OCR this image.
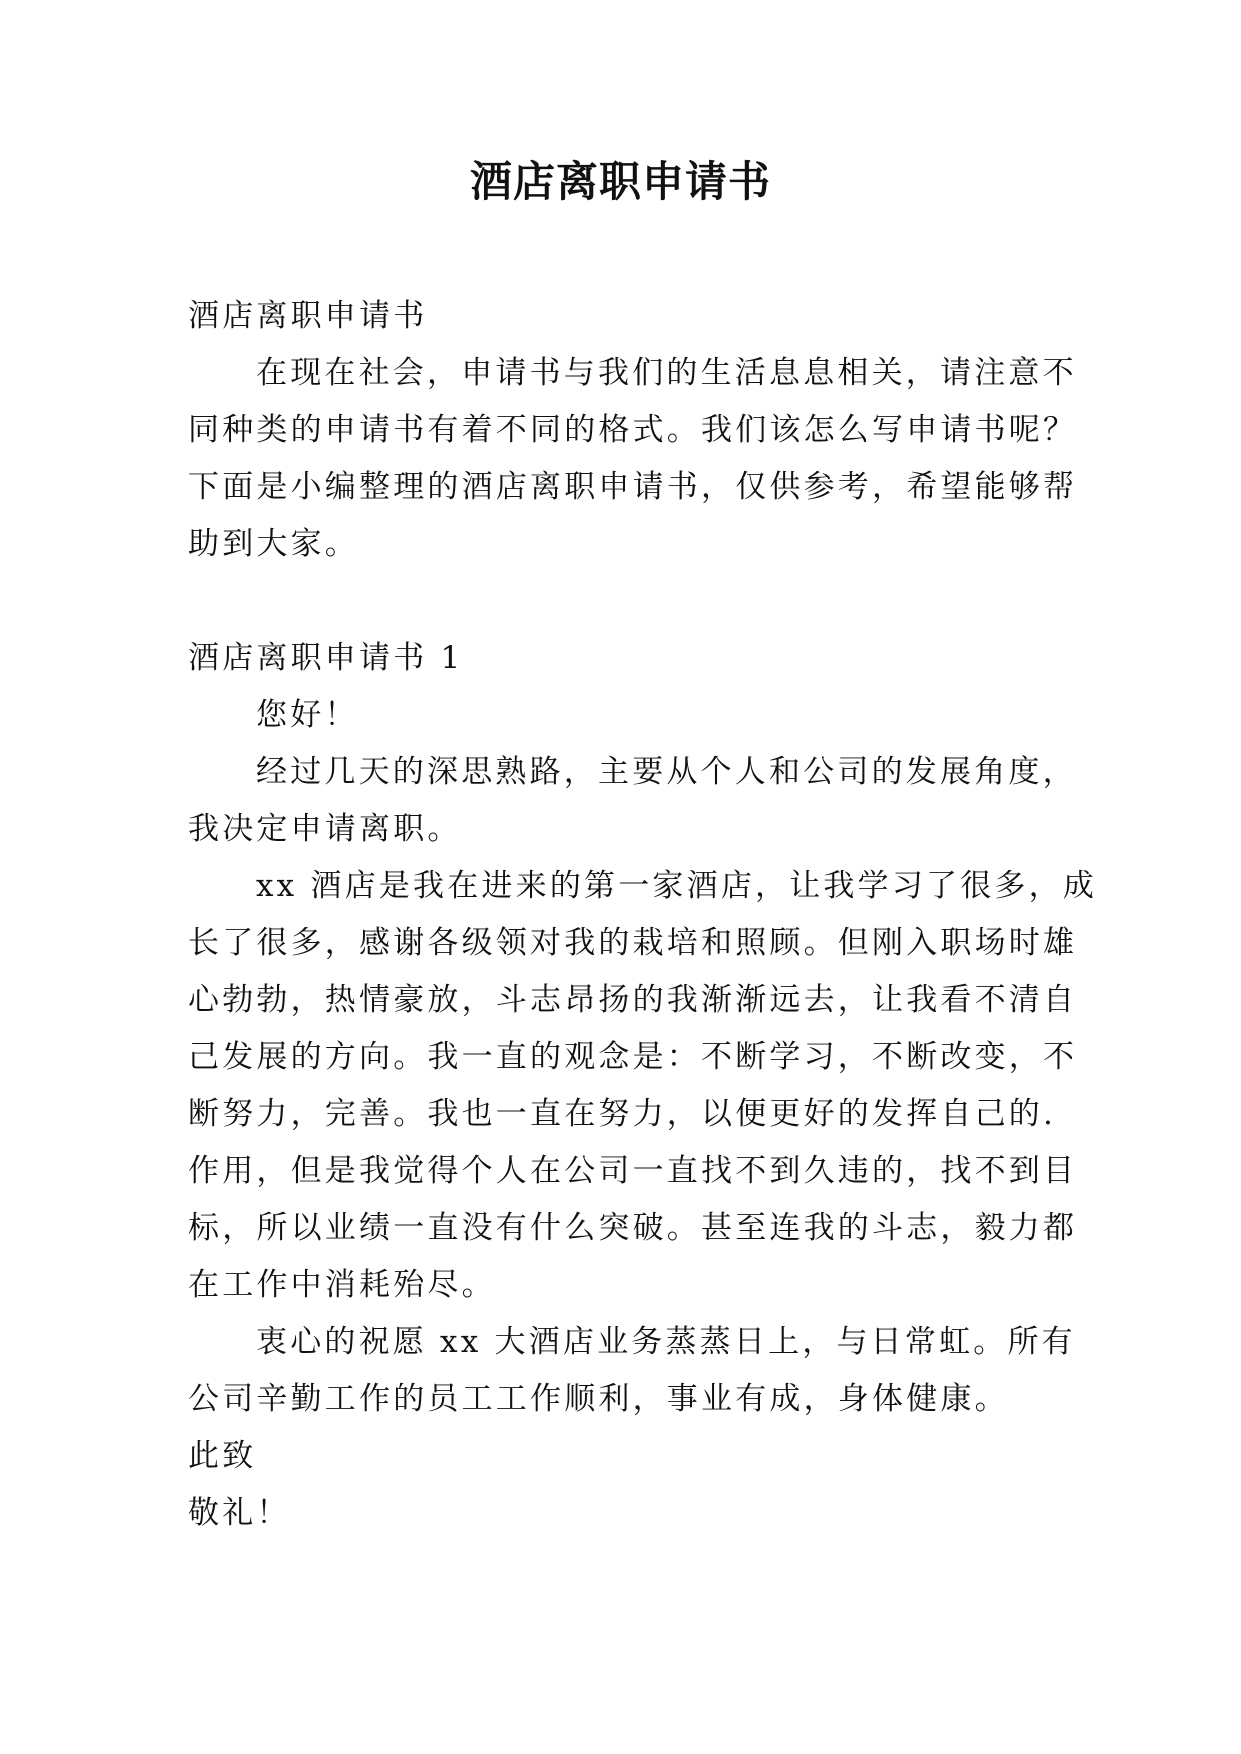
酒店离职申请书
酒店离职申请书
在现在社会，申请书与我们的生活息息相关，请注意不
同种类的申请书有着不同的格式。我们该怎么写申请书呢？
下面是小编整理的酒店离职申请书，仅供参考，希望能够帮
助到大家。
酒店离职申请书 1
您好！
经过几天的深思熟路，主要从个人和公司的发展角度，
我决定申请离职。
xx 酒店是我在进来的第一家酒店，让我学习了很多，成
长了很多，感谢各级领对我的栽培和照顾。但刚入职场时雄
心勃勃，热情豪放，斗志昂扬的我渐渐远去，让我看不清自
己发展的方向。我一直的观念是：不断学习，不断改变，不
断努力，完善。我也一直在努力，以便更好的发挥自己的.
作用，但是我觉得个人在公司一直找不到久违的，找不到目
标，所以业绩一直没有什么突破。甚至连我的斗志，毅力都
在工作中消耗殆尽。
衷心的祝愿 xx 大酒店业务蒸蒸日上，与日常虹。所有
公司辛勤工作的员工工作顺利，事业有成，身体健康。
此致
敬礼！
